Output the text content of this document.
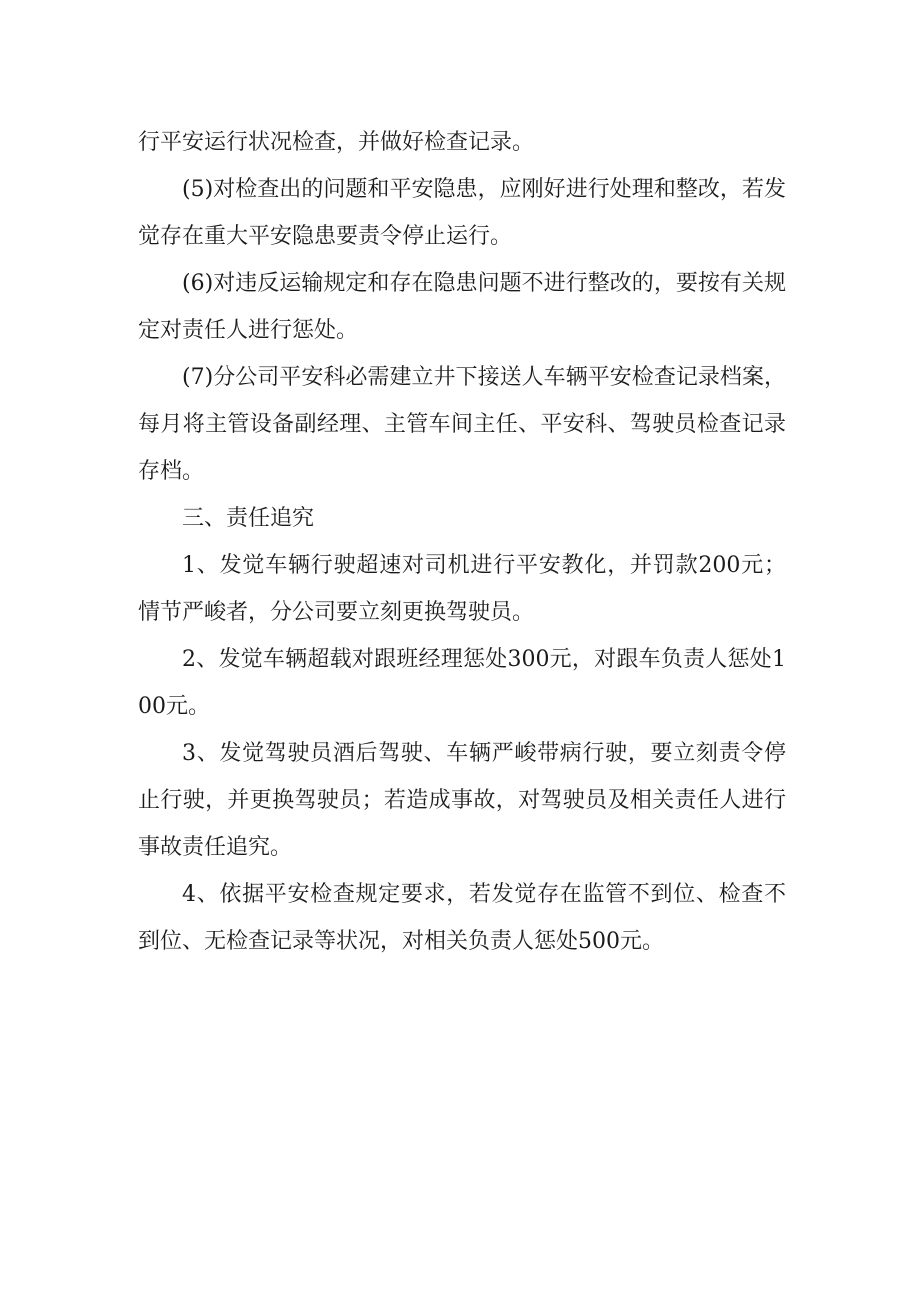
行平安运行状况检查，并做好检查记录。

(5)对检查出的问题和平安隐患，应刚好进行处理和整改，若发觉存在重大平安隐患要责令停止运行。

(6)对违反运输规定和存在隐患问题不进行整改的，要按有关规定对责任人进行惩处。

(7)分公司平安科必需建立井下接送人车辆平安检查记录档案，每月将主管设备副经理、主管车间主任、平安科、驾驶员检查记录存档。

三、责任追究

1、发觉车辆行驶超速对司机进行平安教化，并罚款200元；情节严峻者，分公司要立刻更换驾驶员。

2、发觉车辆超载对跟班经理惩处300元，对跟车负责人惩处100元。

3、发觉驾驶员酒后驾驶、车辆严峻带病行驶，要立刻责令停止行驶，并更换驾驶员；若造成事故，对驾驶员及相关责任人进行事故责任追究。

4、依据平安检查规定要求，若发觉存在监管不到位、检查不到位、无检查记录等状况，对相关负责人惩处500元。
